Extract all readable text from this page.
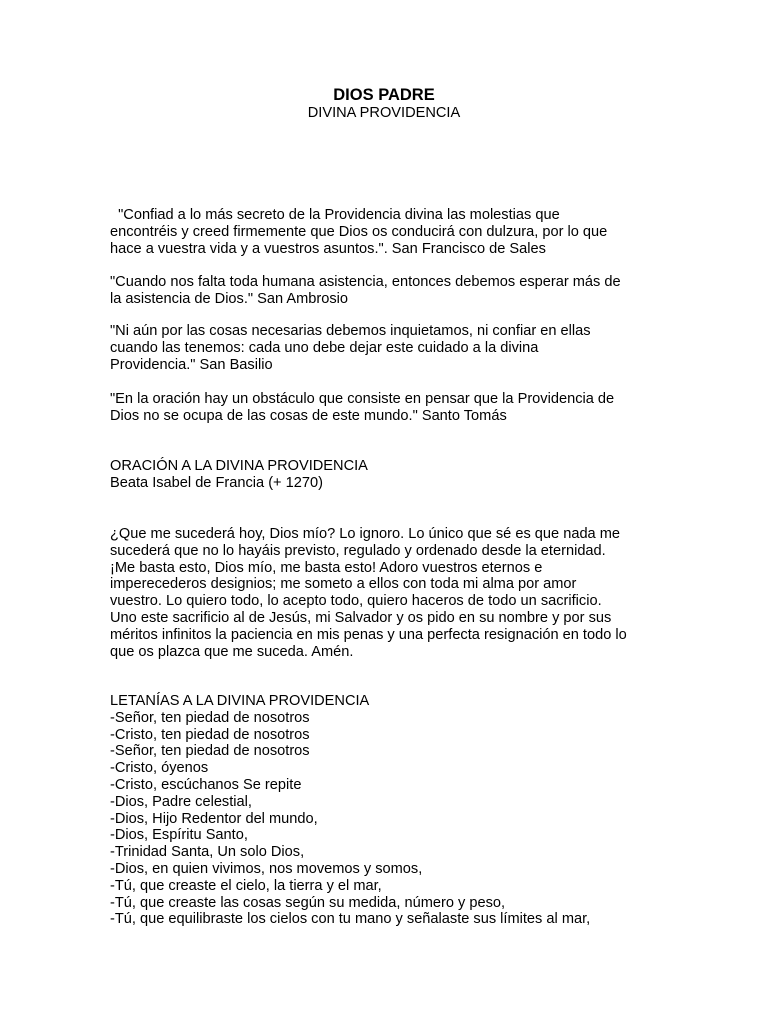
DIOS PADRE
DIVINA PROVIDENCIA

"Confiad a lo más secreto de la Providencia divina las molestias que
encontréis y creed firmemente que Dios os conducirá con dulzura, por lo que
hace a vuestra vida y a vuestros asuntos.". San Francisco de Sales

"Cuando nos falta toda humana asistencia, entonces debemos esperar más de
la asistencia de Dios." San Ambrosio

"Ni aún por las cosas necesarias debemos inquietamos, ni confiar en ellas
cuando las tenemos: cada uno debe dejar este cuidado a la divina
Providencia." San Basilio

"En la oración hay un obstáculo que consiste en pensar que la Providencia de
Dios no se ocupa de las cosas de este mundo." Santo Tomás

ORACIÓN A LA DIVINA PROVIDENCIA
Beata Isabel de Francia (+ 1270)

¿Que me sucederá hoy, Dios mío? Lo ignoro. Lo único que sé es que nada me
sucederá que no lo hayáis previsto, regulado y ordenado desde la eternidad.
¡Me basta esto, Dios mío, me basta esto! Adoro vuestros eternos e
imperecederos designios; me someto a ellos con toda mi alma por amor
vuestro. Lo quiero todo, lo acepto todo, quiero haceros de todo un sacrificio.
Uno este sacrificio al de Jesús, mi Salvador y os pido en su nombre y por sus
méritos infinitos la paciencia en mis penas y una perfecta resignación en todo lo
que os plazca que me suceda. Amén.

LETANÍAS A LA DIVINA PROVIDENCIA
-Señor, ten piedad de nosotros
-Cristo, ten piedad de nosotros
-Señor, ten piedad de nosotros
-Cristo, óyenos
-Cristo, escúchanos Se repite
-Dios, Padre celestial,
-Dios, Hijo Redentor del mundo,
-Dios, Espíritu Santo,
-Trinidad Santa, Un solo Dios,
-Dios, en quien vivimos, nos movemos y somos,
-Tú, que creaste el cielo, la tierra y el mar,
-Tú, que creaste las cosas según su medida, número y peso,
-Tú, que equilibraste los cielos con tu mano y señalaste sus límites al mar,
